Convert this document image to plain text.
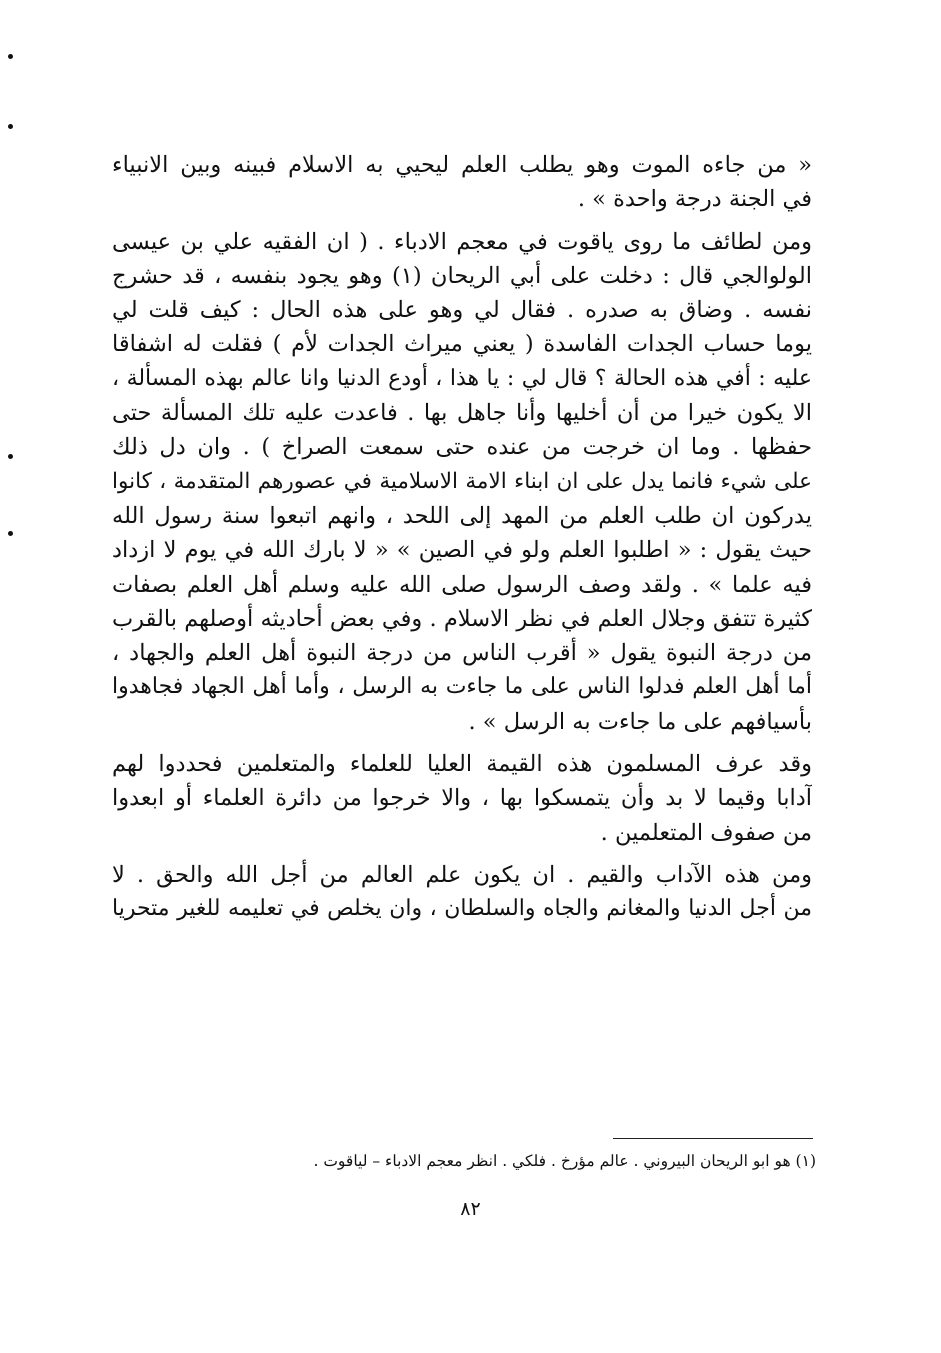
« من جاءه الموت وهو يطلب العلم ليحيي به الاسلام فبينه وبين الانبياء
في الجنة درجة واحدة » .
ومن لطائف ما روى ياقوت في معجم الادباء . ( ان الفقيه علي بن عيسى
الولوالجي قال : دخلت على أبي الريحان (١) وهو يجود بنفسه ، قد حشرج
نفسه . وضاق به صدره . فقال لي وهو على هذه الحال : كيف قلت لي
يوما حساب الجدات الفاسدة ( يعني ميراث الجدات لأم ) فقلت له اشفاقا
عليه : أفي هذه الحالة ؟ قال لي : يا هذا ، أودع الدنيا وانا عالم بهذه المسألة ،
الا يكون خيرا من أن أخليها وأنا جاهل بها . فاعدت عليه تلك المسألة حتى
حفظها . وما ان خرجت من عنده حتى سمعت الصراخ ) . وان دل ذلك
على شيء فانما يدل على ان ابناء الامة الاسلامية في عصورهم المتقدمة ، كانوا
يدركون ان طلب العلم من المهد إلى اللحد ، وانهم اتبعوا سنة رسول الله
حيث يقول : « اطلبوا العلم ولو في الصين » « لا بارك الله في يوم لا ازداد
فيه علما » . ولقد وصف الرسول صلى الله عليه وسلم أهل العلم بصفات
كثيرة تتفق وجلال العلم في نظر الاسلام . وفي بعض أحاديثه أوصلهم بالقرب
من درجة النبوة يقول « أقرب الناس من درجة النبوة أهل العلم والجهاد ،
أما أهل العلم فدلوا الناس على ما جاءت به الرسل ، وأما أهل الجهاد فجاهدوا
بأسيافهم على ما جاءت به الرسل » .
وقد عرف المسلمون هذه القيمة العليا للعلماء والمتعلمين فحددوا لهم
آدابا وقيما لا بد وأن يتمسكوا بها ، والا خرجوا من دائرة العلماء أو ابعدوا
من صفوف المتعلمين .
ومن هذه الآداب والقيم . ان يكون علم العالم من أجل الله والحق . لا
من أجل الدنيا والمغانم والجاه والسلطان ، وان يخلص في تعليمه للغير متحريا
(١) هو ابو الريحان البيروني . عالم مؤرخ . فلكي . انظر معجم الادباء – لياقوت .
٨٢
